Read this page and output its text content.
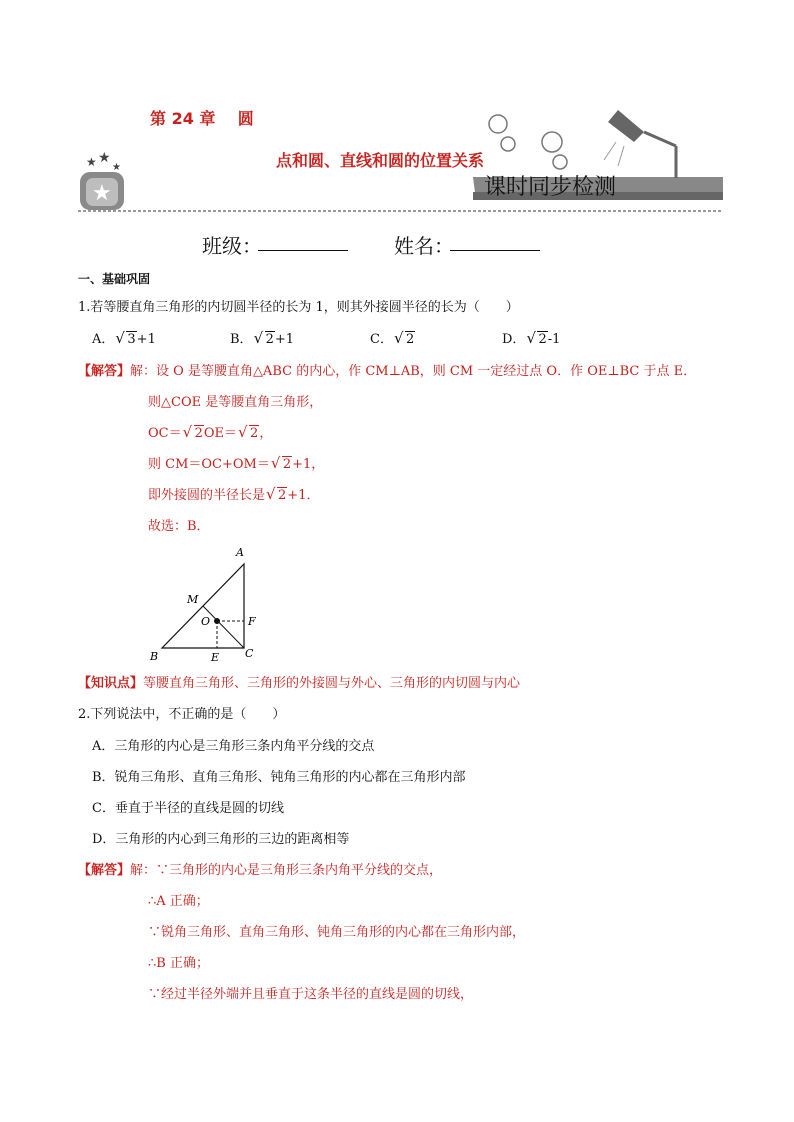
★
★ ★
★
第 24 章    圆
点和圆、直线和圆的位置关系
课时同步检测
班级：	姓名：
一、基础巩固
1.若等腰直角三角形的内切圆半径的长为 1，则其外接圆半径的长为（　　）
A． √ 3+1	B． √ 2+1	C． √ 2	D． √ 2-1
【解答】解：设 O 是等腰直角△ABC 的内心，作 CM⊥AB，则 CM 一定经过点 O．作 OE⊥BC 于点 E．
则△COE 是等腰直角三角形，
OC＝ √ 2OE＝ √ 2，
则 CM＝OC+OM＝ √ 2+1，
即外接圆的半径长是 √ 2+1．
故选：B．
A
B	C
M
O	F
E
【知识点】等腰直角三角形、三角形的外接圆与外心、三角形的内切圆与内心
2.下列说法中，不正确的是（　　）
A．三角形的内心是三角形三条内角平分线的交点
B．锐角三角形、直角三角形、钝角三角形的内心都在三角形内部
C．垂直于半径的直线是圆的切线
D．三角形的内心到三角形的三边的距离相等
【解答】解：∵三角形的内心是三角形三条内角平分线的交点，
∴A 正确；
∵锐角三角形、直角三角形、钝角三角形的内心都在三角形内部，
∴B 正确；
∵经过半径外端并且垂直于这条半径的直线是圆的切线，
